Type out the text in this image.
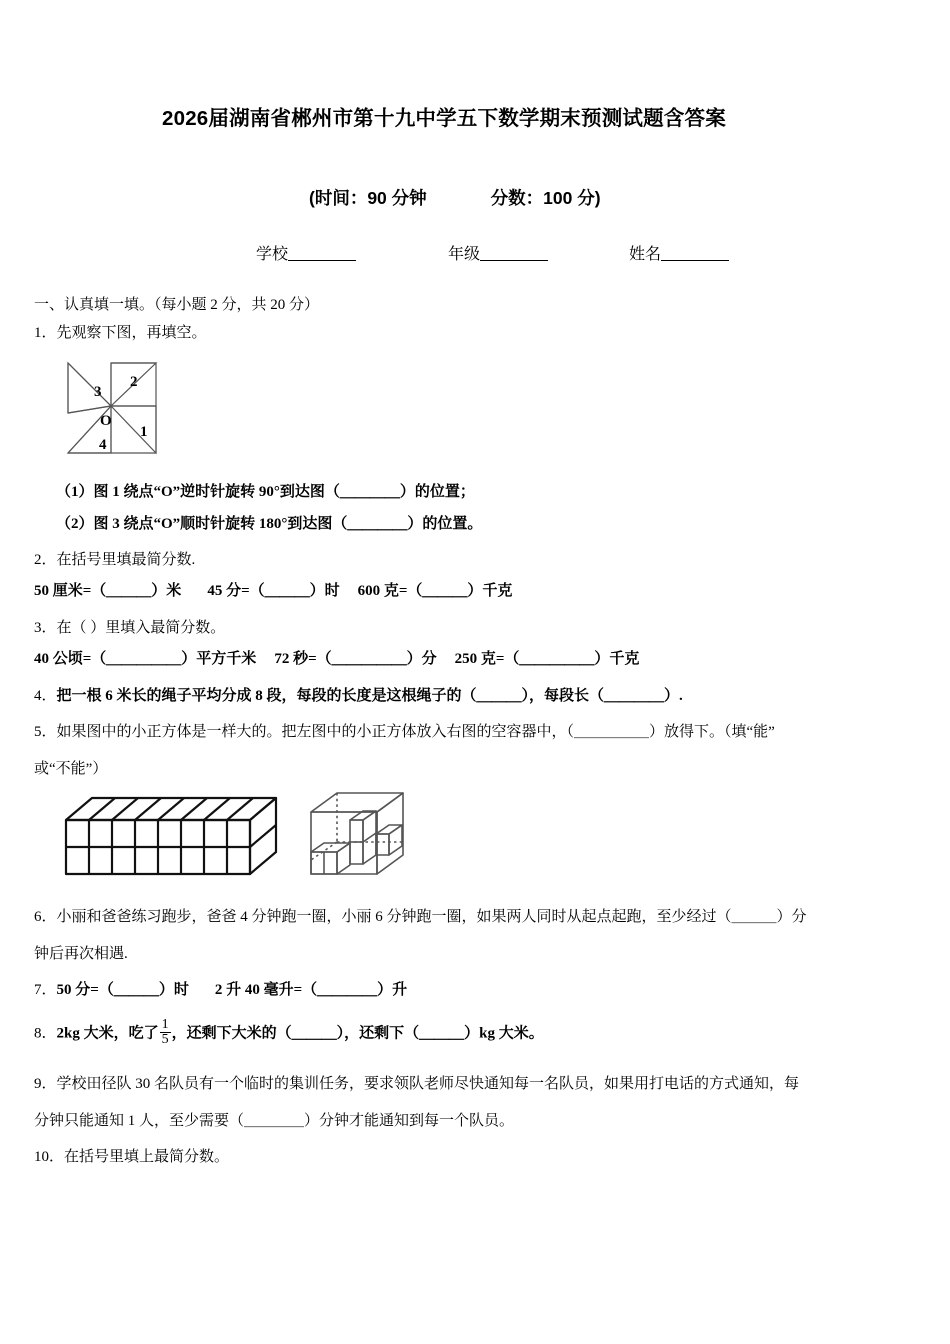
2026届湖南省郴州市第十九中学五下数学期末预测试题含答案
(时间：90 分钟	分数：100 分)
学校	年级	姓名
一、认真填一填。（每小题 2 分，共 20 分）
1．先观察下图，再填空。
3
2
1
4
O
（1）图 1 绕点“O”逆时针旋转 90°到达图（＿＿＿＿）的位置；
（2）图 3 绕点“O”顺时针旋转 180°到达图（＿＿＿＿）的位置。
2．在括号里填最简分数.
50 厘米=（＿＿＿）米 45 分=（＿＿＿）时 600 克=（＿＿＿）千克
3．在（ ）里填入最简分数。
40 公顷=（＿＿＿＿＿）平方千米 72 秒=（＿＿＿＿＿）分 250 克=（＿＿＿＿＿）千克
4．把一根 6 米长的绳子平均分成 8 段，每段的长度是这根绳子的（＿＿＿），每段长（＿＿＿＿）.
5．如果图中的小正方体是一样大的。把左图中的小正方体放入右图的空容器中，（＿＿＿＿＿）放得下。（填“能”
或“不能”）
6．小丽和爸爸练习跑步，爸爸 4 分钟跑一圈，小丽 6 分钟跑一圈，如果两人同时从起点起跑，至少经过（＿＿＿）分
钟后再次相遇.
7．50 分=（＿＿＿）时 2 升 40 毫升=（＿＿＿＿）升
8．2kg 大米，吃了 $\frac{1}{5}$ ，还剩下大米的（＿＿＿），还剩下（＿＿＿）kg 大米。
9．学校田径队 30 名队员有一个临时的集训任务，要求领队老师尽快通知每一名队员，如果用打电话的方式通知，每
分钟只能通知 1 人，至少需要（＿＿＿＿）分钟才能通知到每一个队员。
10．在括号里填上最简分数。
